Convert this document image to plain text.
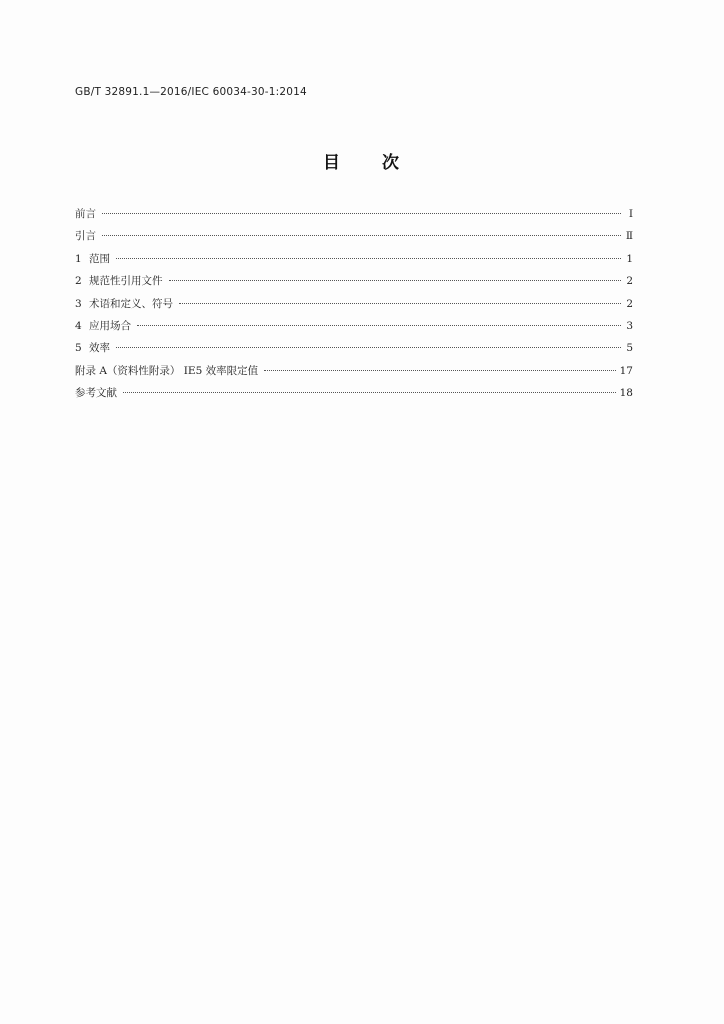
GB/T 32891.1—2016/IEC 60034-30-1:2014
目 次
前言	Ⅰ
引言	Ⅱ
1 范围	1
2 规范性引用文件	2
3 术语和定义、符号	2
4 应用场合	3
5 效率	5
附录 A（资料性附录） IE5 效率限定值	17
参考文献	18
